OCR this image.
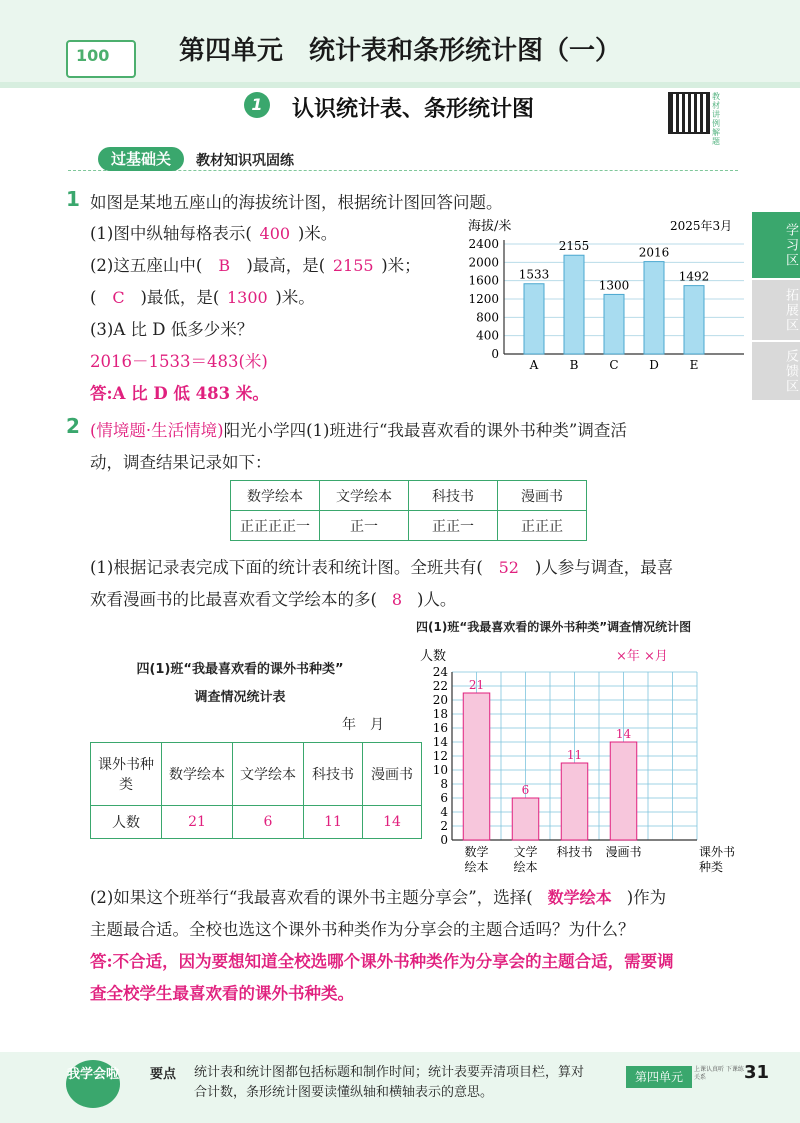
100	第四单元　统计表和条形统计图（一）
1	认识统计表、条形统计图
教材讲例解题
过基础关	教材知识巩固练
学习区
拓展区
反馈区
1 如图是某地五座山的海拔统计图，根据统计图回答问题。
(1)图中纵轴每格表示( 400 )米。
(2)这五座山中( B )最高，是( 2155 )米；
( C )最低，是( 1300 )米。
(3)A 比 D 低多少米？
2016－1533＝483(米)
答:A 比 D 低 483 米。
海拔/米	2025年3月
0
400
800
1200
1600
2000
2400
1533
A
2155
B
1300
C
2016
D
1492
E
2 (情境题·生活情境)阳光小学四(1)班进行“我最喜欢看的课外书种类”调查活
动，调查结果记录如下：
数学绘本	文学绘本	科技书	漫画书
正正正正一	正一	正正一	正正正
(1)根据记录表完成下面的统计表和统计图。全班共有( 52 )人参与调查，最喜
欢看漫画书的比最喜欢看文学绘本的多( 8 )人。
四(1)班“我最喜欢看的课外书种类”
调查情况统计表
年　月
课外书种类	数学绘本	文学绘本	科技书	漫画书
人数	21	6	11	14
四(1)班“我最喜欢看的课外书种类”调查情况统计图
人数	×年 ×月
0
2
4
6
8
10
12
14
16
18
20
22
24
21
数学
绘本
6
文学
绘本
11
科技书
14
漫画书	课外书
种类
(2)如果这个班举行“我最喜欢看的课外书主题分享会”，选择( 数学绘本 )作为
主题最合适。全校也选这个课外书种类作为分享会的主题合适吗？为什么？
答:不合适，因为要想知道全校选哪个课外书种类作为分享会的主题合适，需要调
查全校学生最喜欢看的课外书种类。
我学会啦 要点 统计表和统计图都包括标题和制作时间；统计表要弄清项目栏，算对
合计数，条形统计图要读懂纵轴和横轴表示的意思。
第四单元
上课认真听 下课练关系	31
